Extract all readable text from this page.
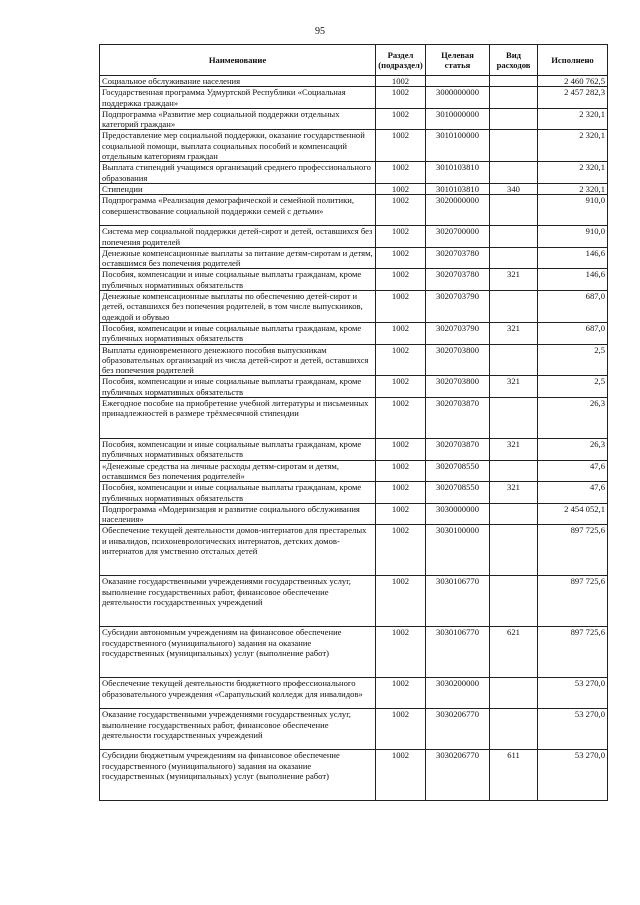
95
Наименование	Раздел (подраздел)	Целевая статья	Вид расходов	Исполнено
Социальное обслуживание населения	1002			2 460 762,5
Государственная программа Удмуртской Республики «Социальная поддержка граждан»	1002	3000000000		2 457 282,3
Подпрограмма «Развитие мер социальной поддержки отдельных категорий граждан»	1002	3010000000		2 320,1
Предоставление мер социальной поддержки, оказание государственной социальной помощи, выплата социальных пособий и компенсаций отдельным категориям граждан	1002	3010100000		2 320,1
Выплата стипендий учащимся организаций среднего профессионального образования	1002	3010103810		2 320,1
Стипендии	1002	3010103810	340	2 320,1
Подпрограмма «Реализация демографической и семейной политики, совершенствование социальной поддержки семей с детьми»	1002	3020000000		910,0
Система мер социальной поддержки детей-сирот и детей, оставшихся без попечения родителей	1002	3020700000		910,0
Денежные компенсационные выплаты за питание детям-сиротам и детям, оставшимся без попечения родителей	1002	3020703780		146,6
Пособия, компенсации и иные социальные выплаты гражданам, кроме публичных нормативных обязательств	1002	3020703780	321	146,6
Денежные компенсационные выплаты по обеспечению детей-сирот и детей, оставшихся без попечения родителей, в том числе выпускников, одеждой и обувью	1002	3020703790		687,0
Пособия, компенсации и иные социальные выплаты гражданам, кроме публичных нормативных обязательств	1002	3020703790	321	687,0
Выплаты единовременного денежного пособия выпускникам образовательных организаций из числа детей-сирот и детей, оставшихся без попечения родителей	1002	3020703800		2,5
Пособия, компенсации и иные социальные выплаты гражданам, кроме публичных нормативных обязательств	1002	3020703800	321	2,5
Ежегодное пособие на приобретение учебной литературы и письменных принадлежностей в размере трёхмесячной стипендии	1002	3020703870		26,3
Пособия, компенсации и иные социальные выплаты гражданам, кроме публичных нормативных обязательств	1002	3020703870	321	26,3
«Денежные средства на личные расходы детям-сиротам и детям, оставшимся без попечения родителей»	1002	3020708550		47,6
Пособия, компенсации и иные социальные выплаты гражданам, кроме публичных нормативных обязательств	1002	3020708550	321	47,6
Подпрограмма «Модернизация и развитие социального обслуживания населения»	1002	3030000000		2 454 052,1
Обеспечение текущей деятельности домов-интернатов для престарелых и инвалидов, психоневрологических интернатов, детских домов-интернатов для умственно отсталых детей	1002	3030100000		897 725,6
Оказание государственными учреждениями государственных услуг, выполнение государственных работ, финансовое обеспечение деятельности государственных учреждений	1002	3030106770		897 725,6
Субсидии автономным учреждениям на финансовое обеспечение государственного (муниципального) задания на оказание государственных (муниципальных) услуг (выполнение работ)	1002	3030106770	621	897 725,6
Обеспечение текущей деятельности бюджетного профессионального образовательного учреждения «Сарапульский колледж для инвалидов»	1002	3030200000		53 270,0
Оказание государственными учреждениями государственных услуг, выполнение государственных работ, финансовое обеспечение деятельности государственных учреждений	1002	3030206770		53 270,0
Субсидии бюджетным учреждениям на финансовое обеспечение государственного (муниципального) задания на оказание государственных (муниципальных) услуг (выполнение работ)	1002	3030206770	611	53 270,0
